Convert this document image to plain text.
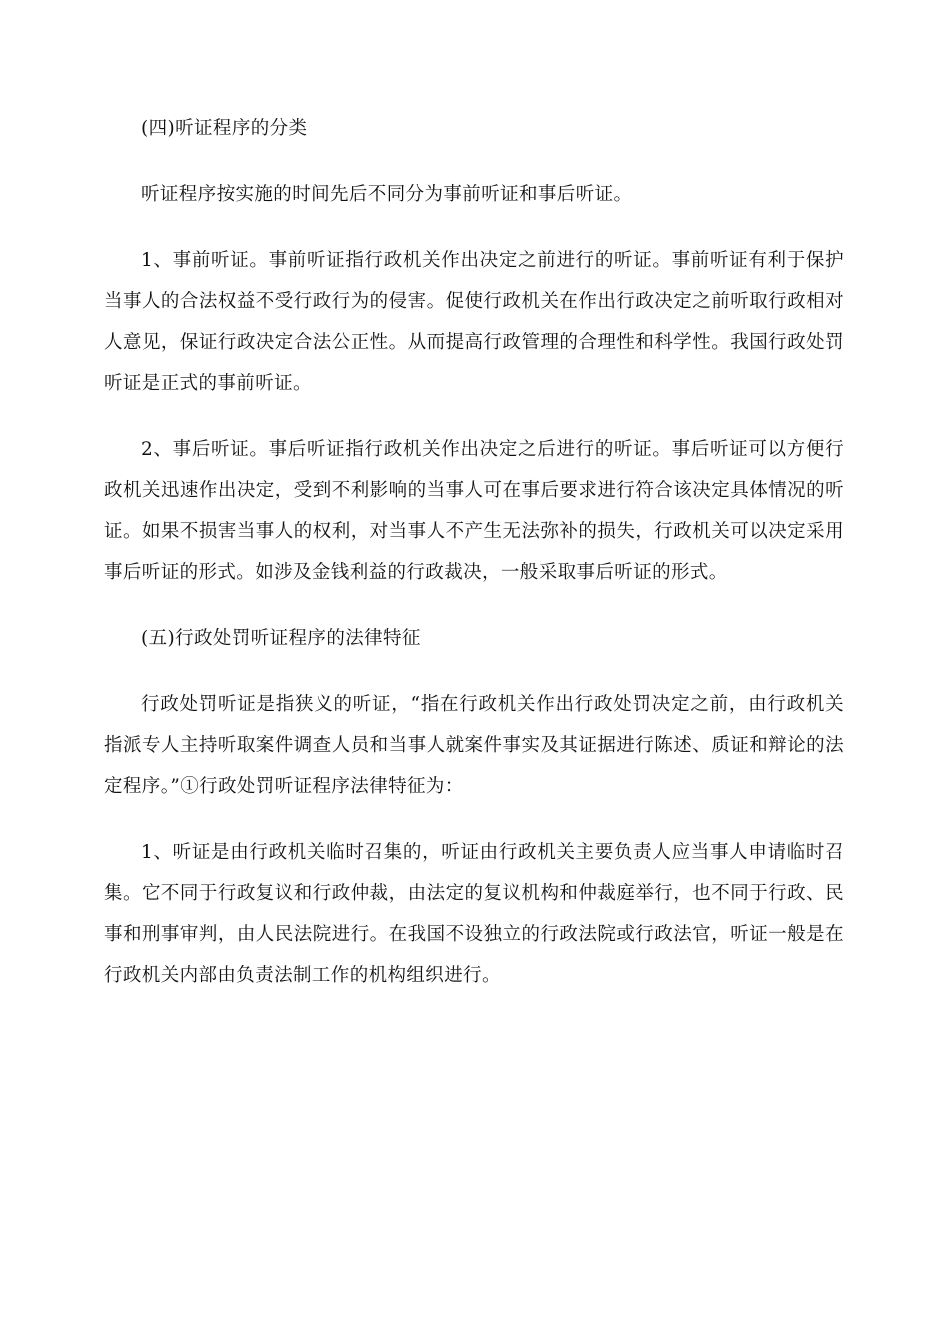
(四)听证程序的分类

听证程序按实施的时间先后不同分为事前听证和事后听证。

1、事前听证。事前听证指行政机关作出决定之前进行的听证。事前听证有利于保护当事人的合法权益不受行政行为的侵害。促使行政机关在作出行政决定之前听取行政相对人意见，保证行政决定合法公正性。从而提高行政管理的合理性和科学性。我国行政处罚听证是正式的事前听证。

2、事后听证。事后听证指行政机关作出决定之后进行的听证。事后听证可以方便行政机关迅速作出决定，受到不利影响的当事人可在事后要求进行符合该决定具体情况的听证。如果不损害当事人的权利，对当事人不产生无法弥补的损失，行政机关可以决定采用事后听证的形式。如涉及金钱利益的行政裁决，一般采取事后听证的形式。

(五)行政处罚听证程序的法律特征

行政处罚听证是指狭义的听证，“指在行政机关作出行政处罚决定之前，由行政机关指派专人主持听取案件调查人员和当事人就案件事实及其证据进行陈述、质证和辩论的法定程序。”①行政处罚听证程序法律特征为：

1、听证是由行政机关临时召集的，听证由行政机关主要负责人应当事人申请临时召集。它不同于行政复议和行政仲裁，由法定的复议机构和仲裁庭举行，也不同于行政、民事和刑事审判，由人民法院进行。在我国不设独立的行政法院或行政法官，听证一般是在行政机关内部由负责法制工作的机构组织进行。
